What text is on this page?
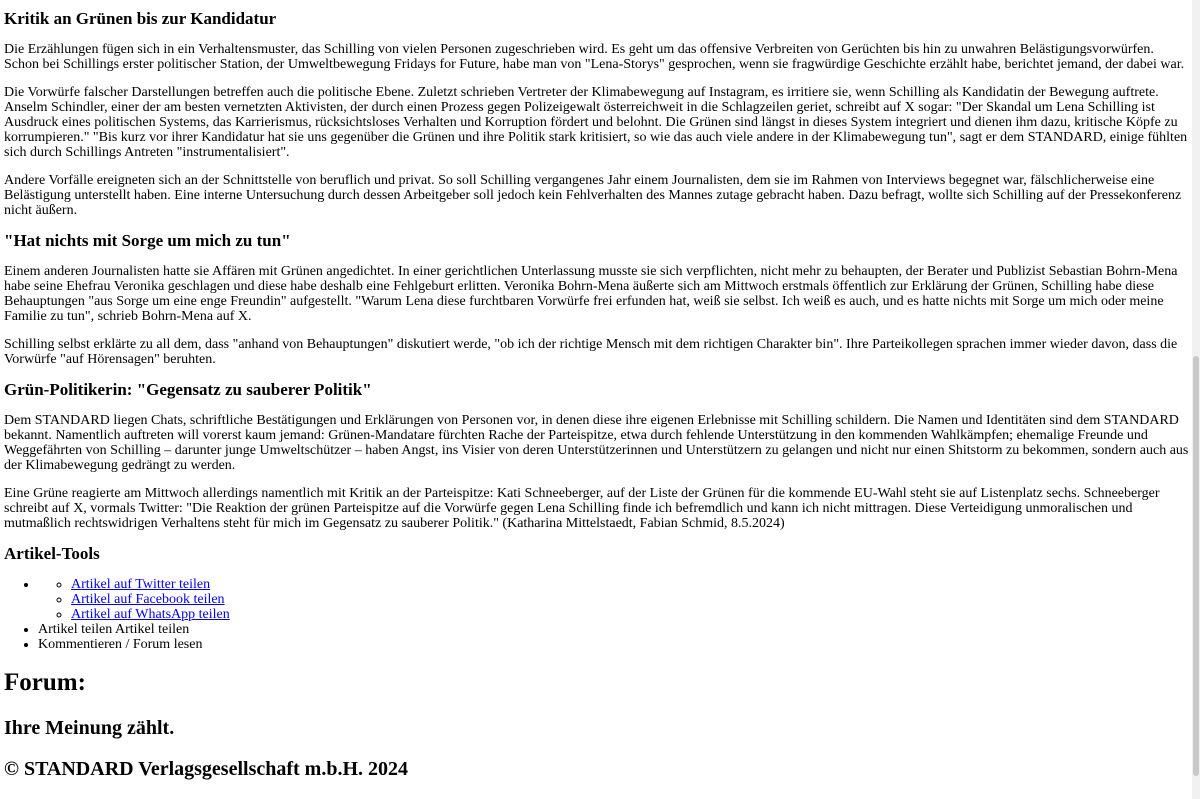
Kritik an Grünen bis zur Kandidatur

Die Erzählungen fügen sich in ein Verhaltensmuster, das Schilling von vielen Personen zugeschrieben wird. Es geht um das offensive Verbreiten von Gerüchten bis hin zu unwahren Belästigungsvorwürfen. Schon bei Schillings erster politischer Station, der Umweltbewegung Fridays for Future, habe man von "Lena-Storys" gesprochen, wenn sie fragwürdige Geschichte erzählt habe, berichtet jemand, der dabei war.

Die Vorwürfe falscher Darstellungen betreffen auch die politische Ebene. Zuletzt schrieben Vertreter der Klimabewegung auf Instagram, es irritiere sie, wenn Schilling als Kandidatin der Bewegung auftrete. Anselm Schindler, einer der am besten vernetzten Aktivisten, der durch einen Prozess gegen Polizeigewalt österreichweit in die Schlagzeilen geriet, schreibt auf X sogar: "Der Skandal um Lena Schilling ist Ausdruck eines politischen Systems, das Karrierismus, rücksichtsloses Verhalten und Korruption fördert und belohnt. Die Grünen sind längst in dieses System integriert und dienen ihm dazu, kritische Köpfe zu korrumpieren." "Bis kurz vor ihrer Kandidatur hat sie uns gegenüber die Grünen und ihre Politik stark kritisiert, so wie das auch viele andere in der Klimabewegung tun", sagt er dem STANDARD, einige fühlten sich durch Schillings Antreten "instrumentalisiert".

Andere Vorfälle ereigneten sich an der Schnittstelle von beruflich und privat. So soll Schilling vergangenes Jahr einem Journalisten, dem sie im Rahmen von Interviews begegnet war, fälschlicherweise eine Belästigung unterstellt haben. Eine interne Untersuchung durch dessen Arbeitgeber soll jedoch kein Fehlverhalten des Mannes zutage gebracht haben. Dazu befragt, wollte sich Schilling auf der Pressekonferenz nicht äußern.

"Hat nichts mit Sorge um mich zu tun"

Einem anderen Journalisten hatte sie Affären mit Grünen angedichtet. In einer gerichtlichen Unterlassung musste sie sich verpflichten, nicht mehr zu behaupten, der Berater und Publizist Sebastian Bohrn-Mena habe seine Ehefrau Veronika geschlagen und diese habe deshalb eine Fehlgeburt erlitten. Veronika Bohrn-Mena äußerte sich am Mittwoch erstmals öffentlich zur Erklärung der Grünen, Schilling habe diese Behauptungen "aus Sorge um eine enge Freundin" aufgestellt. "Warum Lena diese furchtbaren Vorwürfe frei erfunden hat, weiß sie selbst. Ich weiß es auch, und es hatte nichts mit Sorge um mich oder meine Familie zu tun", schrieb Bohrn-Mena auf X.

Schilling selbst erklärte zu all dem, dass "anhand von Behauptungen" diskutiert werde, "ob ich der richtige Mensch mit dem richtigen Charakter bin". Ihre Parteikollegen sprachen immer wieder davon, dass die Vorwürfe "auf Hörensagen" beruhten.

Grün-Politikerin: "Gegensatz zu sauberer Politik"

Dem STANDARD liegen Chats, schriftliche Bestätigungen und Erklärungen von Personen vor, in denen diese ihre eigenen Erlebnisse mit Schilling schildern. Die Namen und Identitäten sind dem STANDARD bekannt. Namentlich auftreten will vorerst kaum jemand: Grünen-Mandatare fürchten Rache der Parteispitze, etwa durch fehlende Unterstützung in den kommenden Wahlkämpfen; ehemalige Freunde und Weggefährten von Schilling – darunter junge Umweltschützer – haben Angst, ins Visier von deren Unterstützerinnen und Unterstützern zu gelangen und nicht nur einen Shitstorm zu bekommen, sondern auch aus der Klimabewegung gedrängt zu werden.

Eine Grüne reagierte am Mittwoch allerdings namentlich mit Kritik an der Parteispitze: Kati Schneeberger, auf der Liste der Grünen für die kommende EU-Wahl steht sie auf Listenplatz sechs. Schneeberger schreibt auf X, vormals Twitter: "Die Reaktion der grünen Parteispitze auf die Vorwürfe gegen Lena Schilling finde ich befremdlich und kann ich nicht mittragen. Diese Verteidigung unmoralischen und mutmaßlich rechtswidrigen Verhaltens steht für mich im Gegensatz zu sauberer Politik." (Katharina Mittelstaedt, Fabian Schmid, 8.5.2024)

Artikel-Tools
◦ • Artikel auf Twitter teilen
◦ Artikel auf Facebook teilen
◦ Artikel auf WhatsApp teilen
• Artikel teilen Artikel teilen
• Kommentieren / Forum lesen
Forum:
Ihre Meinung zählt.
© STANDARD Verlagsgesellschaft m.b.H. 2024
